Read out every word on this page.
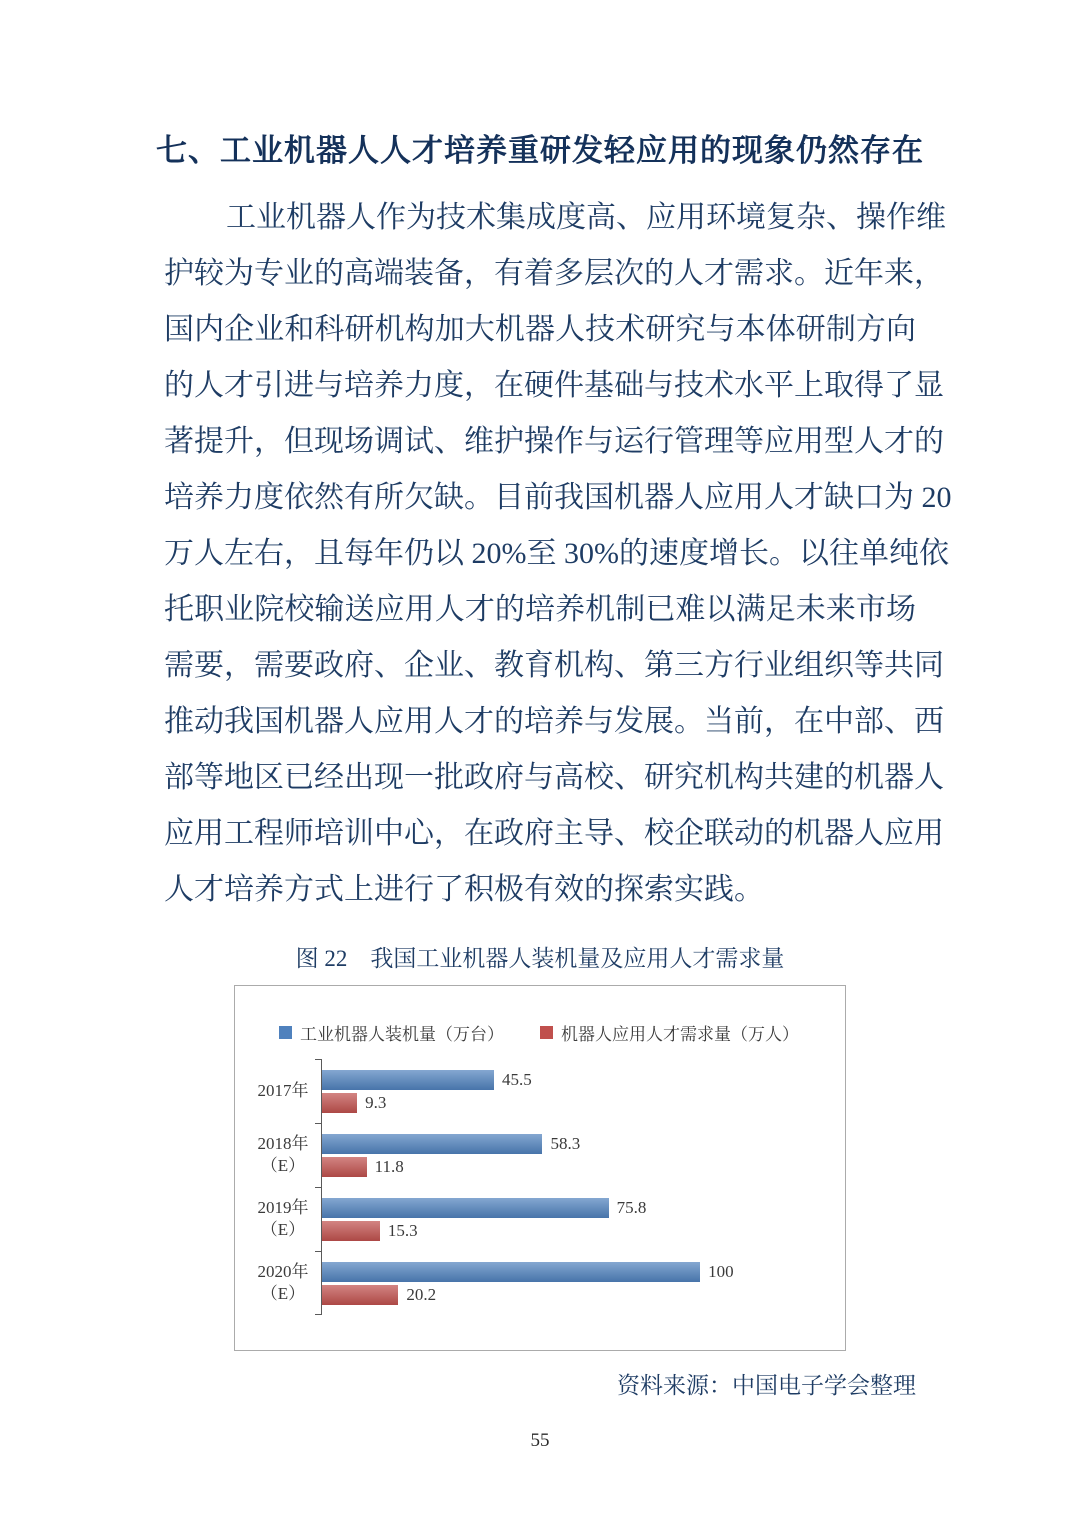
七、工业机器人人才培养重研发轻应用的现象仍然存在
工业机器人作为技术集成度高、应用环境复杂、操作维
护较为专业的高端装备，有着多层次的人才需求。近年来，
国内企业和科研机构加大机器人技术研究与本体研制方向
的人才引进与培养力度，在硬件基础与技术水平上取得了显
著提升，但现场调试、维护操作与运行管理等应用型人才的
培养力度依然有所欠缺。目前我国机器人应用人才缺口为 20
万人左右，且每年仍以 20%至 30%的速度增长。以往单纯依
托职业院校输送应用人才的培养机制已难以满足未来市场
需要，需要政府、企业、教育机构、第三方行业组织等共同
推动我国机器人应用人才的培养与发展。当前，在中部、西
部等地区已经出现一批政府与高校、研究机构共建的机器人
应用工程师培训中心，在政府主导、校企联动的机器人应用
人才培养方式上进行了积极有效的探索实践。
图 22　我国工业机器人装机量及应用人才需求量
工业机器人装机量（万台）	机器人应用人才需求量（万人）
2017年
45.5
9.3
2018年（E）
58.3
11.8
2019年（E）
75.8
15.3
2020年（E）
100
20.2
资料来源：中国电子学会整理
55
